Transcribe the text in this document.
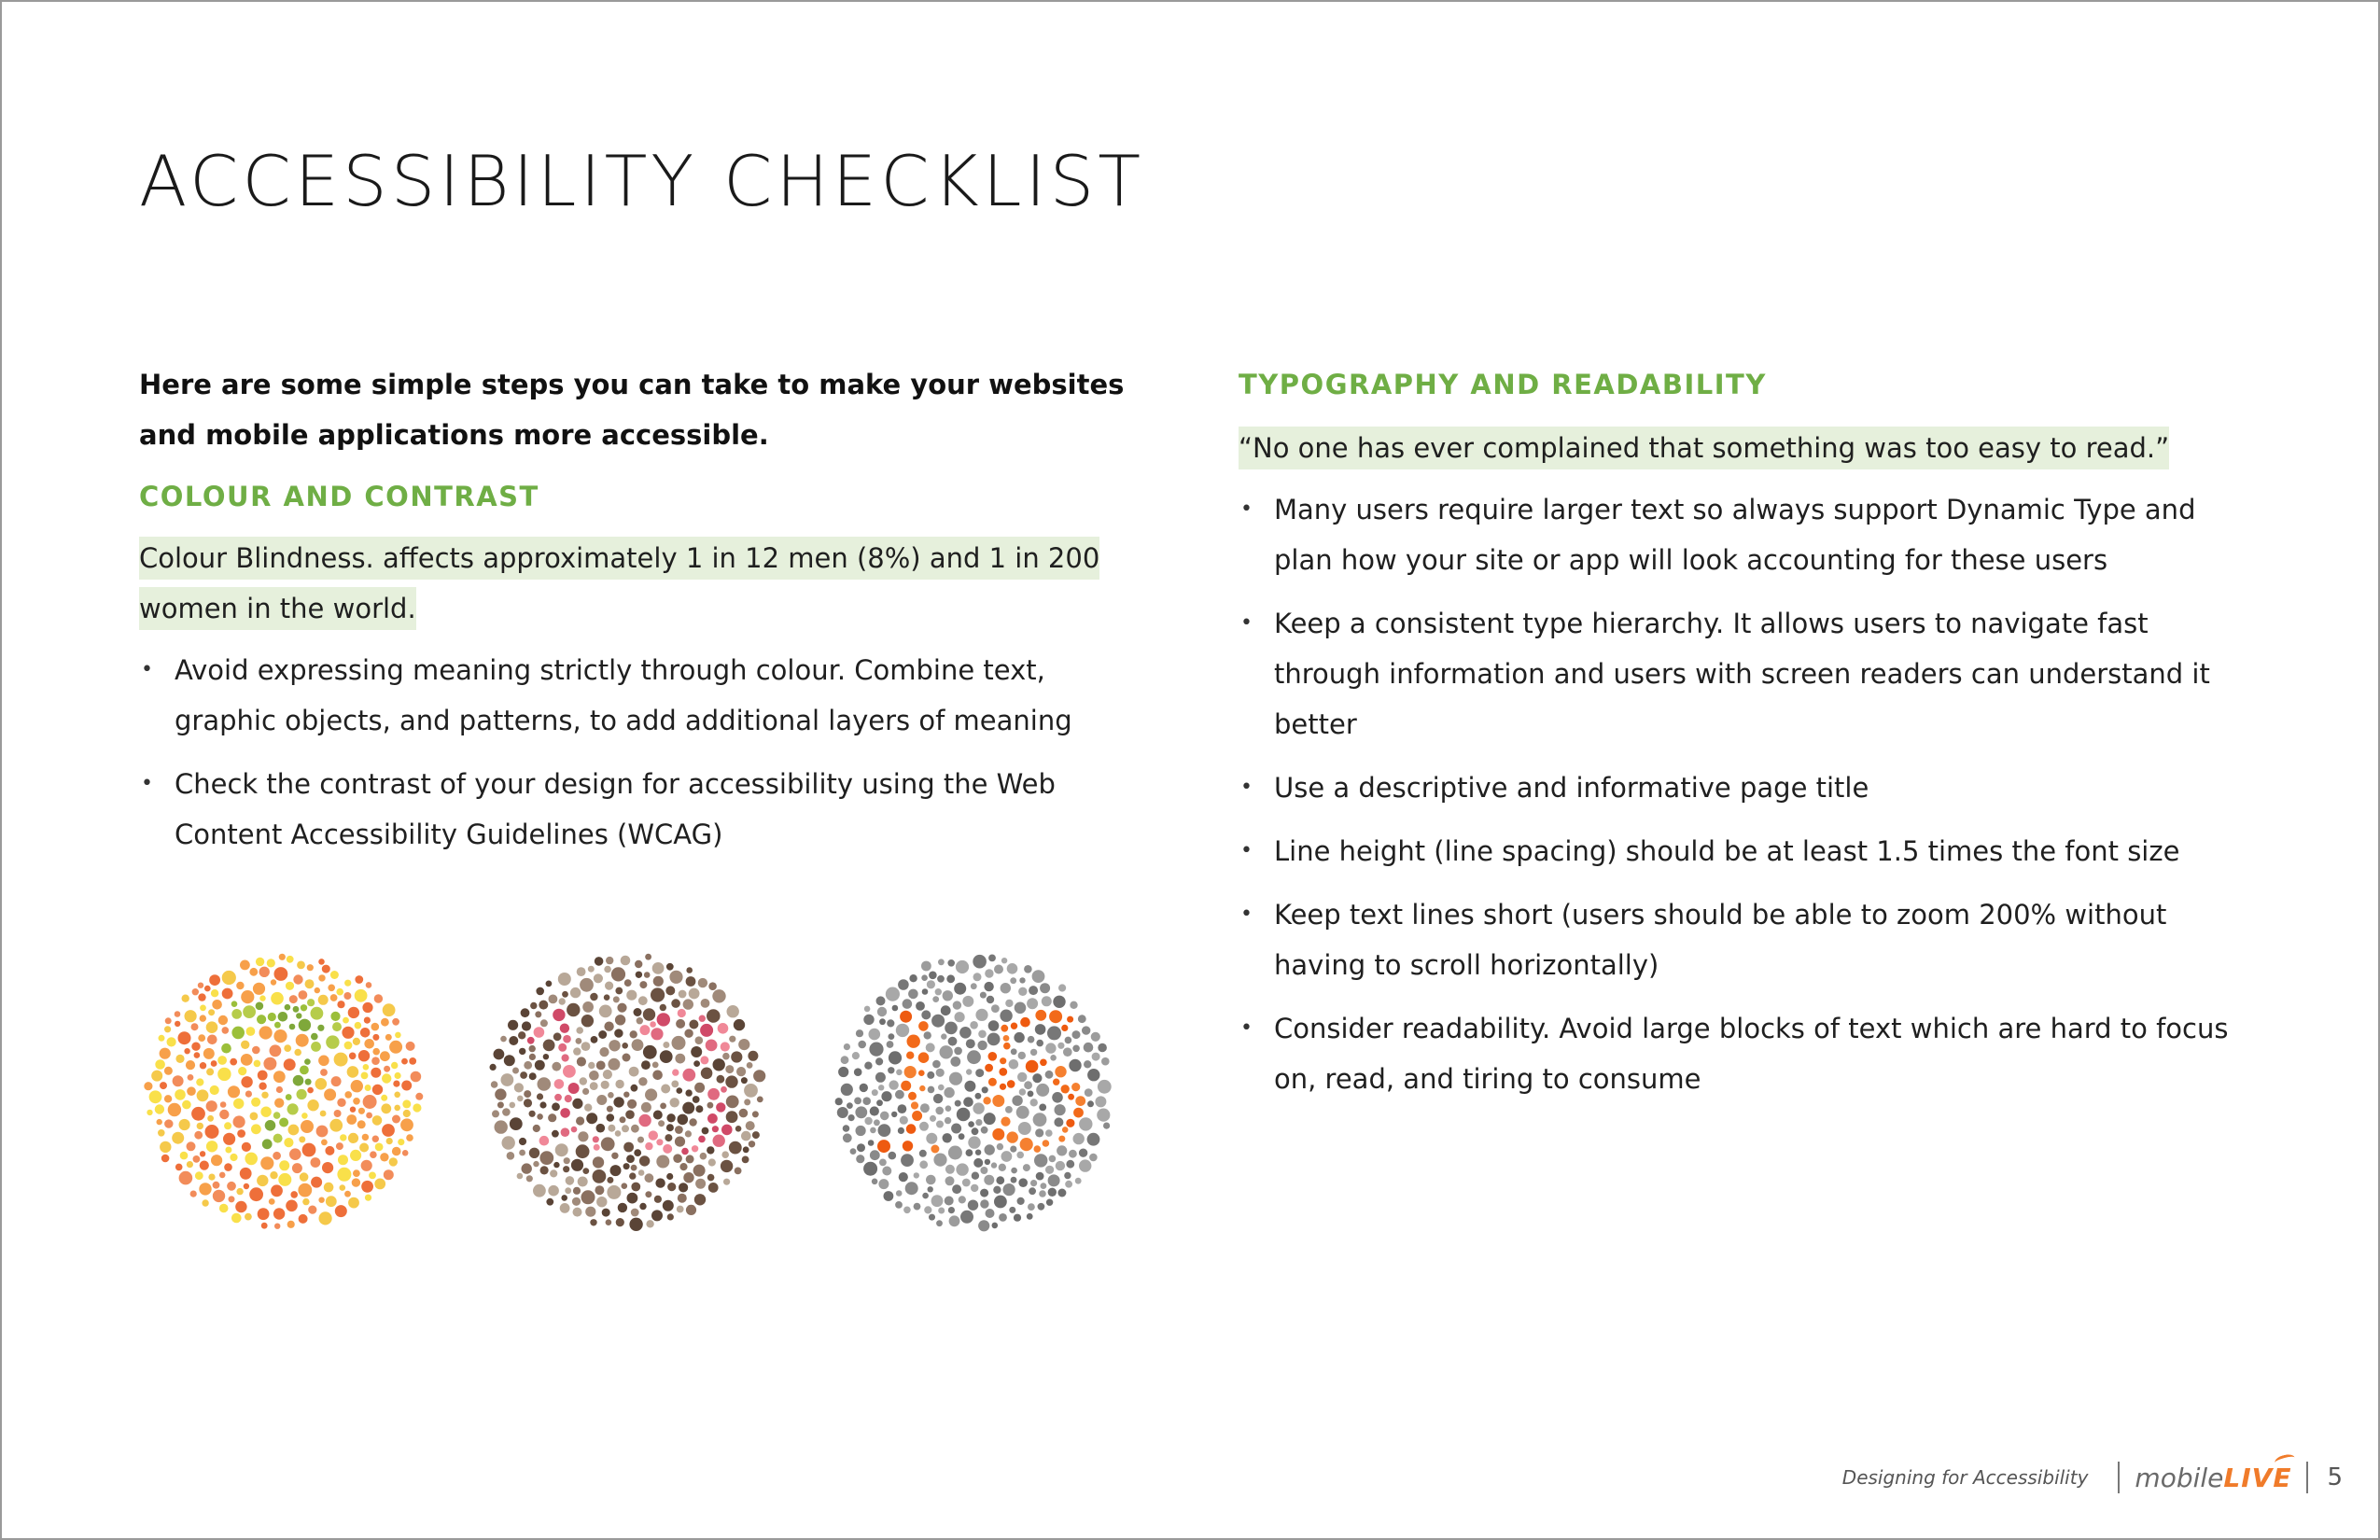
ACCESSIBILITY CHECKLIST

Here are some simple steps you can take to make your websites and mobile applications more accessible.

COLOUR AND CONTRAST
Colour Blindness. affects approximately 1 in 12 men (8%) and 1 in 200 women in the world.
• Avoid expressing meaning strictly through colour. Combine text, graphic objects, and patterns, to add additional layers of meaning
• Check the contrast of your design for accessibility using the Web Content Accessibility Guidelines (WCAG)
TYPOGRAPHY AND READABILITY
“No one has ever complained that something was too easy to read.”
• Many users require larger text so always support Dynamic Type and plan how your site or app will look accounting for these users
• Keep a consistent type hierarchy. It allows users to navigate fast through information and users with screen readers can understand it better
• Use a descriptive and informative page title
• Line height (line spacing) should be at least 1.5 times the font size
• Keep text lines short (users should be able to zoom 200% without having to scroll horizontally)
• Consider readability. Avoid large blocks of text which are hard to focus on, read, and tiring to consume
Designing for Accessibility mobile LIVE 5
